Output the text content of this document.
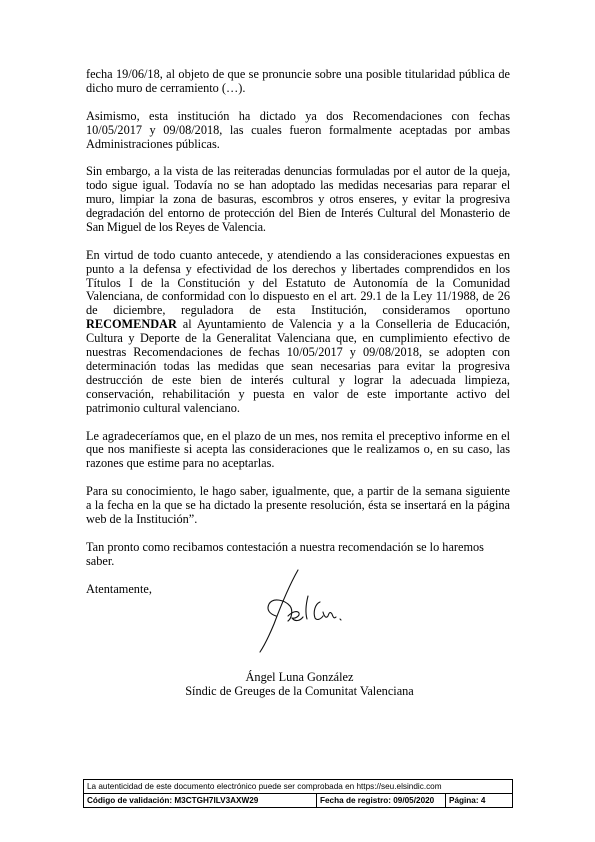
fecha 19/06/18, al objeto de que se pronuncie sobre una posible titularidad pública de dicho muro de cerramiento (…).

Asimismo, esta institución ha dictado ya dos Recomendaciones con fechas 10/05/2017 y 09/08/2018, las cuales fueron formalmente aceptadas por ambas Administraciones públicas.

Sin embargo, a la vista de las reiteradas denuncias formuladas por el autor de la queja, todo sigue igual. Todavía no se han adoptado las medidas necesarias para reparar el muro, limpiar la zona de basuras, escombros y otros enseres, y evitar la progresiva degradación del entorno de protección del Bien de Interés Cultural del Monasterio de San Miguel de los Reyes de Valencia.

En virtud de todo cuanto antecede, y atendiendo a las consideraciones expuestas en punto a la defensa y efectividad de los derechos y libertades comprendidos en los Títulos I de la Constitución y del Estatuto de Autonomía de la Comunidad Valenciana, de conformidad con lo dispuesto en el art. 29.1 de la Ley 11/1988, de 26 de diciembre, reguladora de esta Institución, consideramos oportuno RECOMENDAR al Ayuntamiento de Valencia y a la Conselleria de Educación, Cultura y Deporte de la Generalitat Valenciana que, en cumplimiento efectivo de nuestras Recomendaciones de fechas 10/05/2017 y 09/08/2018, se adopten con determinación todas las medidas que sean necesarias para evitar la progresiva destrucción de este bien de interés cultural y lograr la adecuada limpieza, conservación, rehabilitación y puesta en valor de este importante activo del patrimonio cultural valenciano.

Le agradeceríamos que, en el plazo de un mes, nos remita el preceptivo informe en el que nos manifieste si acepta las consideraciones que le realizamos o, en su caso, las razones que estime para no aceptarlas.

Para su conocimiento, le hago saber, igualmente, que, a partir de la semana siguiente a la fecha en la que se ha dictado la presente resolución, ésta se insertará en la página web de la Institución”.

Tan pronto como recibamos contestación a nuestra recomendación se lo haremos saber.

Atentamente,

Ángel Luna González
Síndic de Greuges de la Comunitat Valenciana
La autenticidad de este documento electrónico puede ser comprobada en https://seu.elsindic.com
Código de validación: M3CTGH7ILV3AXW29	Fecha de registro: 09/05/2020	Página: 4
